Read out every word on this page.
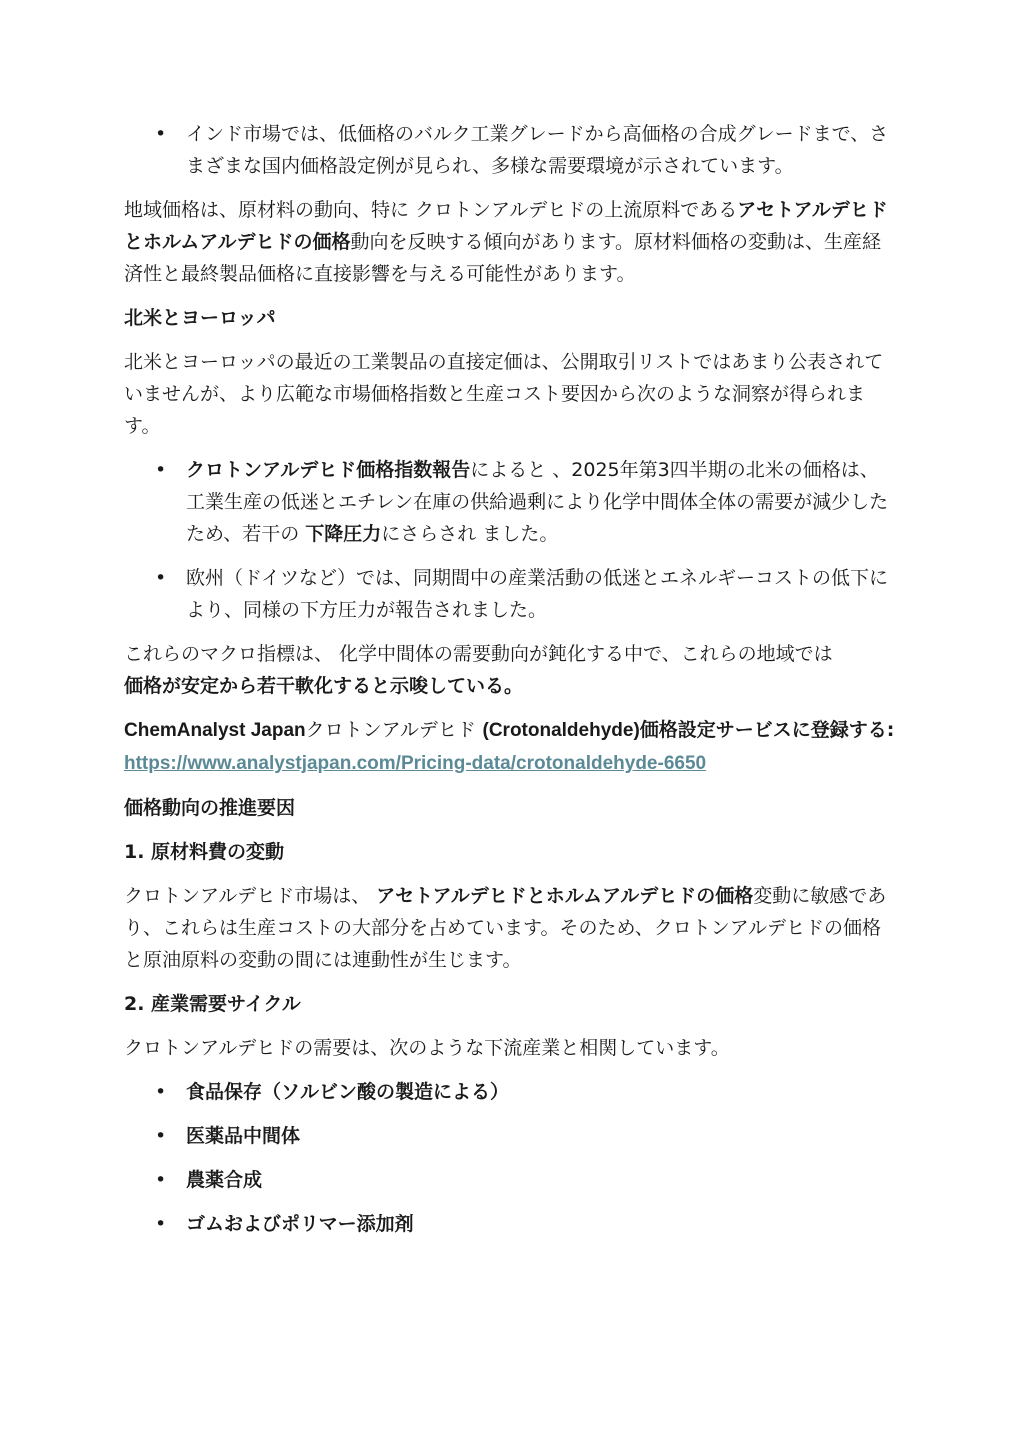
• インド市場では、低価格のバルク工業グレードから高価格の合成グレードまで、さまざまな国内価格設定例が見られ、多様な需要環境が示されています。

地域価格は、原材料の動向、特に クロトンアルデヒドの上流原料であるアセトアルデヒドとホルムアルデヒドの価格動向を反映する傾向があります。原材料価格の変動は、生産経済性と最終製品価格に直接影響を与える可能性があります。

北米とヨーロッパ

北米とヨーロッパの最近の工業製品の直接定価は、公開取引リストではあまり公表されていませんが、より広範な市場価格指数と生産コスト要因から次のような洞察が得られます。

• クロトンアルデヒド価格指数報告によると 、2025年第3四半期の北米の価格は、工業生産の低迷とエチレン在庫の供給過剰により化学中間体全体の需要が減少したため、若干の 下降圧力にさらされ ました。
• 欧州（ドイツなど）では、同期間中の産業活動の低迷とエネルギーコストの低下により、同様の下方圧力が報告されました。

これらのマクロ指標は、 化学中間体の需要動向が鈍化する中で、これらの地域では
価格が安定から若干軟化すると示唆している。

ChemAnalyst Japanクロトンアルデヒド (Crotonaldehyde)価格設定サービスに登録する: https://www.analystjapan.com/Pricing-data/crotonaldehyde-6650

価格動向の推進要因

1. 原材料費の変動

クロトンアルデヒド市場は、 アセトアルデヒドとホルムアルデヒドの価格変動に敏感であり、これらは生産コストの大部分を占めています。そのため、クロトンアルデヒドの価格と原油原料の変動の間には連動性が生じます。

2. 産業需要サイクル

クロトンアルデヒドの需要は、次のような下流産業と相関しています。

• 食品保存（ソルビン酸の製造による）
• 医薬品中間体
• 農薬合成
• ゴムおよびポリマー添加剤
